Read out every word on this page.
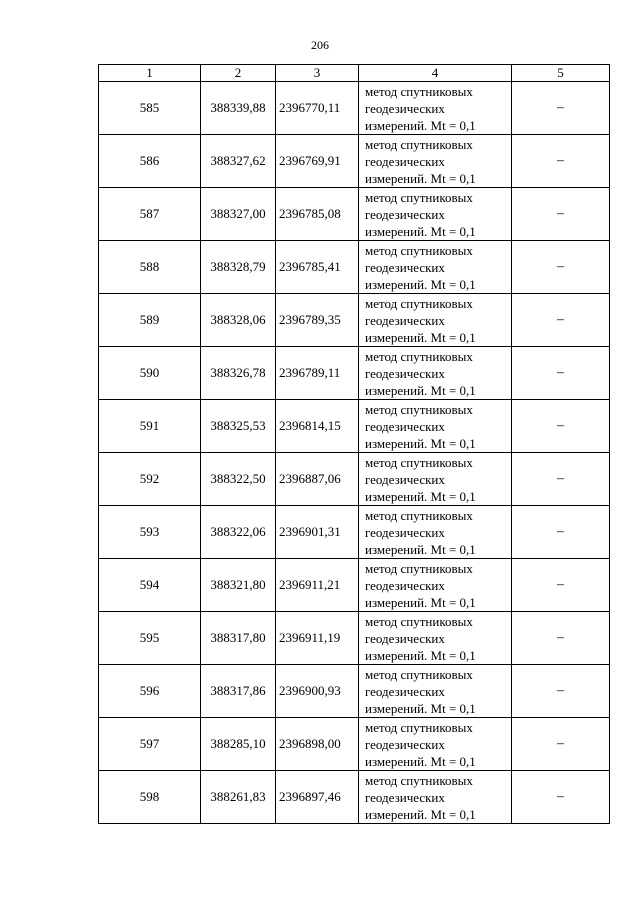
206
1	2	3	4	5
585	388339,88	2396770,11	метод спутниковых
геодезических
измерений. Mt = 0,1	–
586	388327,62	2396769,91	метод спутниковых
геодезических
измерений. Mt = 0,1	–
587	388327,00	2396785,08	метод спутниковых
геодезических
измерений. Mt = 0,1	–
588	388328,79	2396785,41	метод спутниковых
геодезических
измерений. Mt = 0,1	–
589	388328,06	2396789,35	метод спутниковых
геодезических
измерений. Mt = 0,1	–
590	388326,78	2396789,11	метод спутниковых
геодезических
измерений. Mt = 0,1	–
591	388325,53	2396814,15	метод спутниковых
геодезических
измерений. Mt = 0,1	–
592	388322,50	2396887,06	метод спутниковых
геодезических
измерений. Mt = 0,1	–
593	388322,06	2396901,31	метод спутниковых
геодезических
измерений. Mt = 0,1	–
594	388321,80	2396911,21	метод спутниковых
геодезических
измерений. Mt = 0,1	–
595	388317,80	2396911,19	метод спутниковых
геодезических
измерений. Mt = 0,1	–
596	388317,86	2396900,93	метод спутниковых
геодезических
измерений. Mt = 0,1	–
597	388285,10	2396898,00	метод спутниковых
геодезических
измерений. Mt = 0,1	–
598	388261,83	2396897,46	метод спутниковых
геодезических
измерений. Mt = 0,1	–
